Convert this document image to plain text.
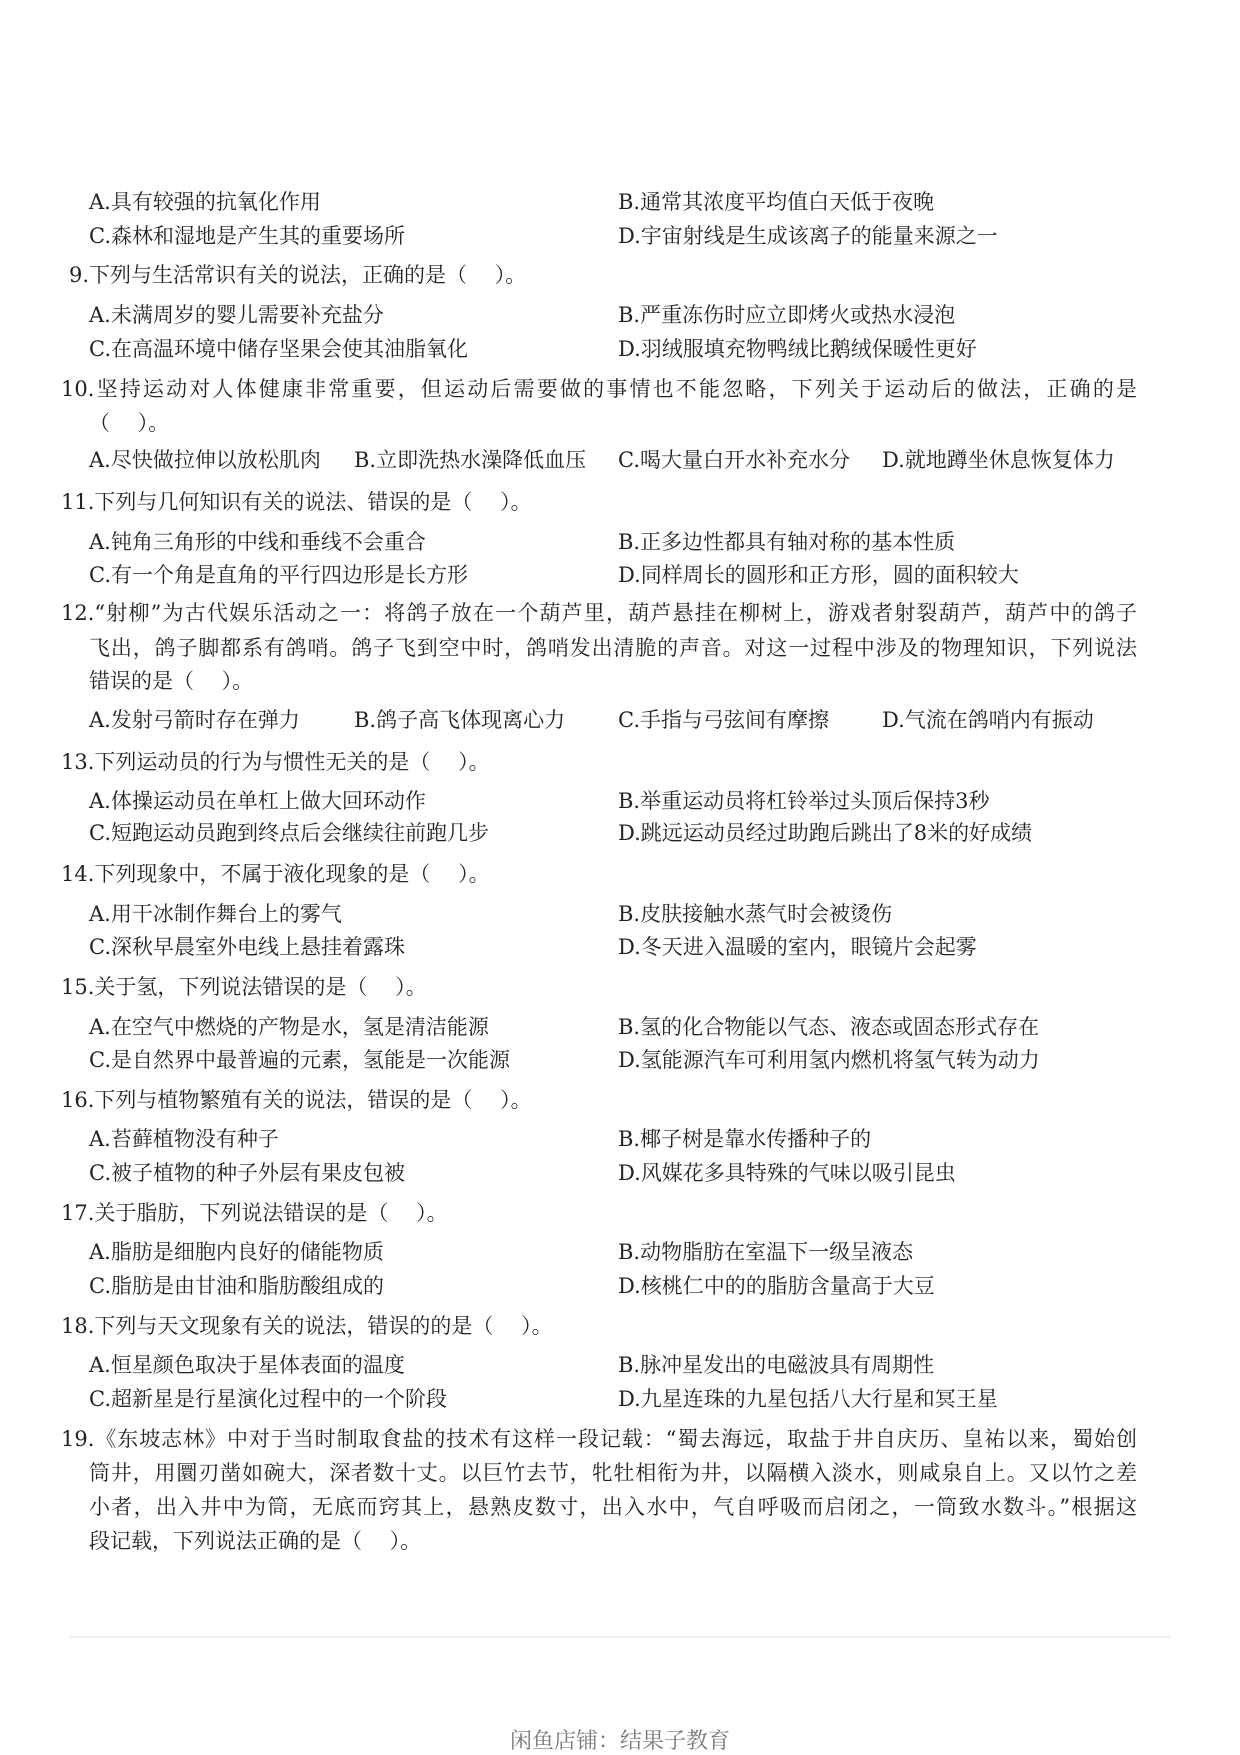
A.具有较强的抗氧化作用	B.通常其浓度平均值白天低于夜晚
C.森林和湿地是产生其的重要场所	D.宇宙射线是生成该离子的能量来源之一
9.下列与生活常识有关的说法，正确的是（　 ）。
A.未满周岁的婴儿需要补充盐分	B.严重冻伤时应立即烤火或热水浸泡
C.在高温环境中储存坚果会使其油脂氧化	D.羽绒服填充物鸭绒比鹅绒保暖性更好
10.坚持运动对人体健康非常重要，但运动后需要做的事情也不能忽略，下列关于运动后的做法，正确的是
（　 ）。
A.尽快做拉伸以放松肌肉 B.立即洗热水澡降低血压 C.喝大量白开水补充水分 D.就地蹲坐休息恢复体力
11.下列与几何知识有关的说法、错误的是（　 ）。
A.钝角三角形的中线和垂线不会重合	B.正多边性都具有轴对称的基本性质
C.有一个角是直角的平行四边形是长方形	D.同样周长的圆形和正方形，圆的面积较大
12.“射柳”为古代娱乐活动之一：将鸽子放在一个葫芦里，葫芦悬挂在柳树上，游戏者射裂葫芦，葫芦中的鸽子
飞出，鸽子脚都系有鸽哨。鸽子飞到空中时，鸽哨发出清脆的声音。对这一过程中涉及的物理知识，下列说法
错误的是（　 ）。
A.发射弓箭时存在弹力	B.鸽子高飞体现离心力	C.手指与弓弦间有摩擦	D.气流在鸽哨内有振动
13.下列运动员的行为与惯性无关的是（　 ）。
A.体操运动员在单杠上做大回环动作	B.举重运动员将杠铃举过头顶后保持3秒
C.短跑运动员跑到终点后会继续往前跑几步	D.跳远运动员经过助跑后跳出了8米的好成绩
14.下列现象中，不属于液化现象的是（　 ）。
A.用干冰制作舞台上的雾气	B.皮肤接触水蒸气时会被烫伤
C.深秋早晨室外电线上悬挂着露珠	D.冬天进入温暖的室内，眼镜片会起雾
15.关于氢，下列说法错误的是（　 ）。
A.在空气中燃烧的产物是水，氢是清洁能源	B.氢的化合物能以气态、液态或固态形式存在
C.是自然界中最普遍的元素，氢能是一次能源	D.氢能源汽车可利用氢内燃机将氢气转为动力
16.下列与植物繁殖有关的说法，错误的是（　 ）。
A.苔藓植物没有种子	B.椰子树是靠水传播种子的
C.被子植物的种子外层有果皮包被	D.风媒花多具特殊的气味以吸引昆虫
17.关于脂肪，下列说法错误的是（　 ）。
A.脂肪是细胞内良好的储能物质	B.动物脂肪在室温下一级呈液态
C.脂肪是由甘油和脂肪酸组成的	D.核桃仁中的的脂肪含量高于大豆
18.下列与天文现象有关的说法，错误的的是（　 ）。
A.恒星颜色取决于星体表面的温度	B.脉冲星发出的电磁波具有周期性
C.超新星是行星演化过程中的一个阶段	D.九星连珠的九星包括八大行星和冥王星
19.《东坡志林》中对于当时制取食盐的技术有这样一段记载：“蜀去海远，取盐于井自庆历、皇祐以来，蜀始创
筒井，用圜刃凿如碗大，深者数十丈。以巨竹去节，牝牡相衔为井，以隔横入淡水，则咸泉自上。又以竹之差
小者，出入井中为筒，无底而窍其上，悬熟皮数寸，出入水中，气自呼吸而启闭之，一筒致水数斗。”根据这
段记载，下列说法正确的是（　 ）。
闲鱼店铺：结果子教育
